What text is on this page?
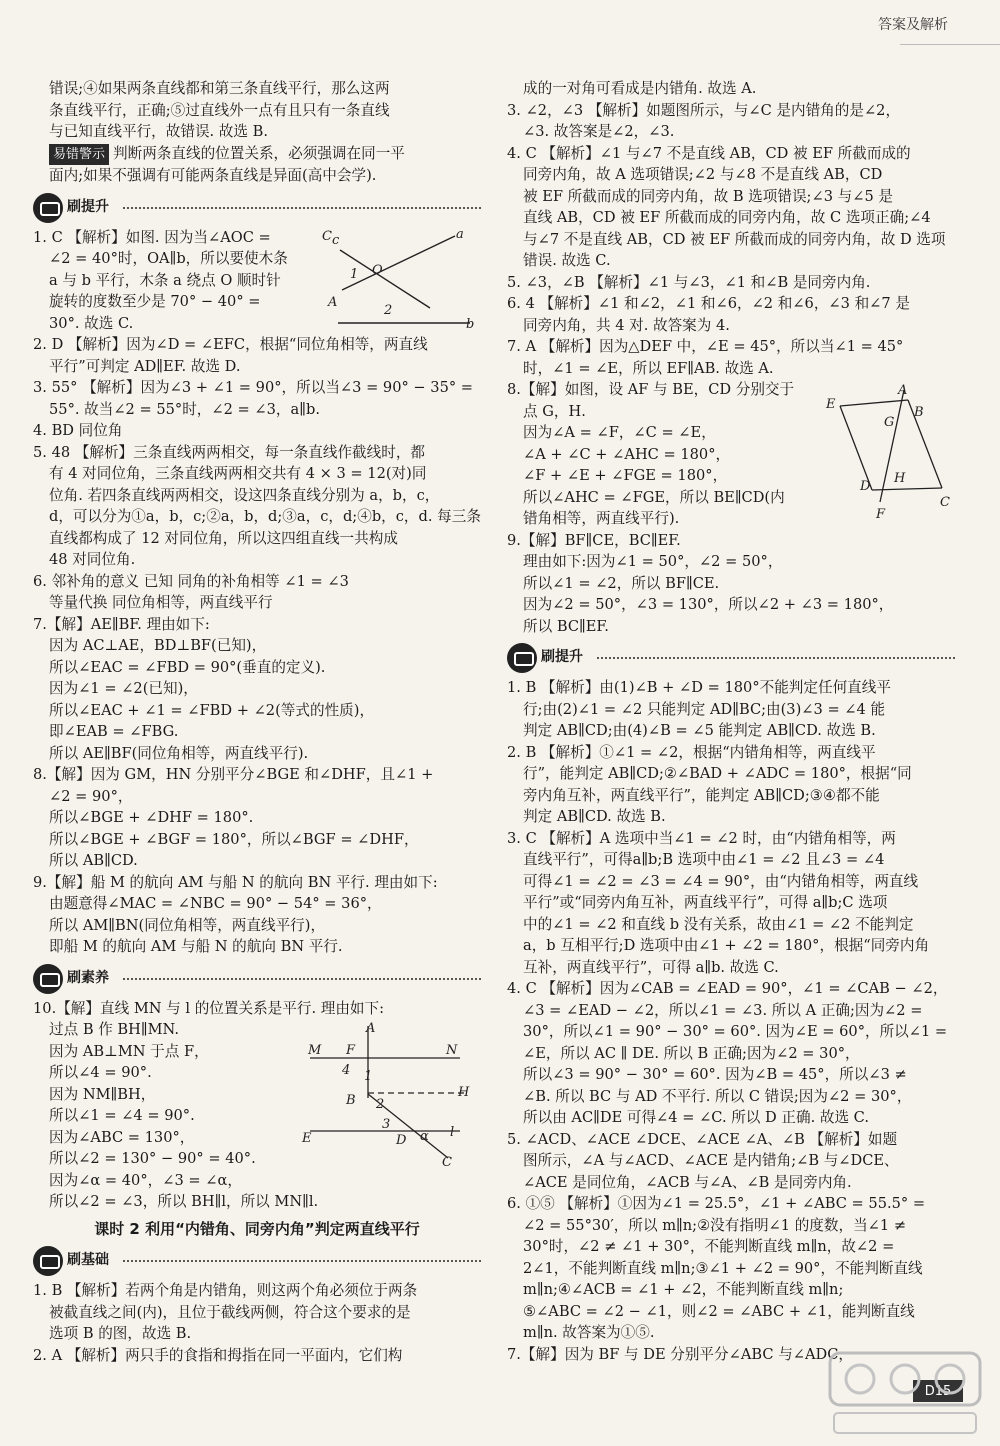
答案及解析

错误;④如果两条直线都和第三条直线平行，那么这两

条直线平行，正确;⑤过直线外一点有且只有一条直线

与已知直线平行，故错误. 故选 B.

易错警示 判断两条直线的位置关系，必须强调在同一平

面内;如果不强调有可能两条直线是异面(高中会学).

刷提升

1. C 【解析】如图. 因为当∠AOC =

∠2 = 40°时，OA∥b，所以要使木条

a 与 b 平行，木条 a 绕点 O 顺时针

旋转的度数至少是 70° − 40° =

30°. 故选 C.

2. D 【解析】因为∠D = ∠EFC，根据“同位角相等，两直线

平行”可判定 AD∥EF. 故选 D.

3. 55° 【解析】因为∠3 + ∠1 = 90°，所以当∠3 = 90° − 35° =

55°. 故当∠2 = 55°时，∠2 = ∠3，a∥b.

4. BD 同位角

5. 48 【解析】三条直线两两相交，每一条直线作截线时，都

有 4 对同位角，三条直线两两相交共有 4 × 3 = 12(对)同

位角. 若四条直线两两相交，设这四条直线分别为 a，b，c，

d，可以分为①a，b，c;②a，b，d;③a，c，d;④b，c，d. 每三条

直线都构成了 12 对同位角，所以这四组直线一共构成

48 对同位角.

6. 邻补角的意义 已知 同角的补角相等 ∠1 = ∠3

等量代换 同位角相等，两直线平行

7.【解】AE∥BF. 理由如下:

因为 AC⊥AE，BD⊥BF(已知)，

所以∠EAC = ∠FBD = 90°(垂直的定义).

因为∠1 = ∠2(已知)，

所以∠EAC + ∠1 = ∠FBD + ∠2(等式的性质)，

即∠EAB = ∠FBG.

所以 AE∥BF(同位角相等，两直线平行).

8.【解】因为 GM，HN 分别平分∠BGE 和∠DHF，且∠1 +

∠2 = 90°，

所以∠BGE + ∠DHF = 180°.

所以∠BGE + ∠BGF = 180°，所以∠BGF = ∠DHF，

所以 AB∥CD.

9.【解】船 M 的航向 AM 与船 N 的航向 BN 平行. 理由如下:

由题意得∠MAC = ∠NBC = 90° − 54° = 36°，

所以 AM∥BN(同位角相等，两直线平行)，

即船 M 的航向 AM 与船 N 的航向 BN 平行.

刷素养

10.【解】直线 MN 与 l 的位置关系是平行. 理由如下:

过点 B 作 BH∥MN.

因为 AB⊥MN 于点 F，

所以∠4 = 90°.

因为 NM∥BH，

所以∠1 = ∠4 = 90°.

因为∠ABC = 130°，

所以∠2 = 130° − 90° = 40°.

因为∠α = 40°，∠3 = ∠α，

所以∠2 = ∠3，所以 BH∥l，所以 MN∥l.

课时 2 利用“内错角、同旁内角”判定两直线平行
刷基础

1. B 【解析】若两个角是内错角，则这两个角必须位于两条

被截直线之间(内)，且位于截线两侧，符合这个要求的是

选项 B 的图，故选 B.

2. A 【解析】两只手的食指和拇指在同一平面内，它们构

C c	a
1 O
A
2
b
A
M F	N
4 1
B 2
H
3
E	D α l
C

成的一对角可看成是内错角. 故选 A.

3. ∠2，∠3 【解析】如题图所示，与∠C 是内错角的是∠2，

∠3. 故答案是∠2，∠3.

4. C 【解析】∠1 与∠7 不是直线 AB，CD 被 EF 所截而成的

同旁内角，故 A 选项错误;∠2 与∠8 不是直线 AB，CD

被 EF 所截而成的同旁内角，故 B 选项错误;∠3 与∠5 是

直线 AB，CD 被 EF 所截而成的同旁内角，故 C 选项正确;∠4

与∠7 不是直线 AB，CD 被 EF 所截而成的同旁内角，故 D 选项

错误. 故选 C.

5. ∠3，∠B 【解析】∠1 与∠3，∠1 和∠B 是同旁内角.

6. 4 【解析】∠1 和∠2，∠1 和∠6，∠2 和∠6，∠3 和∠7 是

同旁内角，共 4 对. 故答案为 4.

7. A 【解析】因为△DEF 中，∠E = 45°，所以当∠1 = 45°

时，∠1 = ∠E，所以 EF∥AB. 故选 A.

8.【解】如图，设 AF 与 BE，CD 分别交于

点 G，H.

因为∠A = ∠F，∠C = ∠E，

∠A + ∠C + ∠AHC = 180°，

∠F + ∠E + ∠FGE = 180°，

所以∠AHC = ∠FGE，所以 BE∥CD(内

错角相等，两直线平行).

9.【解】BF∥CE，BC∥EF.

理由如下:因为∠1 = 50°，∠2 = 50°，

所以∠1 = ∠2，所以 BF∥CE.

因为∠2 = 50°，∠3 = 130°，所以∠2 + ∠3 = 180°，

所以 BC∥EF.

刷提升

1. B 【解析】由(1)∠B + ∠D = 180°不能判定任何直线平

行;由(2)∠1 = ∠2 只能判定 AD∥BC;由(3)∠3 = ∠4 能

判定 AB∥CD;由(4)∠B = ∠5 能判定 AB∥CD. 故选 B.

2. B 【解析】①∠1 = ∠2，根据“内错角相等，两直线平

行”，能判定 AB∥CD;②∠BAD + ∠ADC = 180°，根据“同

旁内角互补，两直线平行”，能判定 AB∥CD;③④都不能

判定 AB∥CD. 故选 B.

3. C 【解析】A 选项中当∠1 = ∠2 时，由“内错角相等，两

直线平行”，可得a∥b;B 选项中由∠1 = ∠2 且∠3 = ∠4

可得∠1 = ∠2 = ∠3 = ∠4 = 90°，由“内错角相等，两直线

平行”或“同旁内角互补，两直线平行”，可得 a∥b;C 选项

中的∠1 = ∠2 和直线 b 没有关系，故由∠1 = ∠2 不能判定

a，b 互相平行;D 选项中由∠1 + ∠2 = 180°，根据“同旁内角

互补，两直线平行”，可得 a∥b. 故选 C.

4. C 【解析】因为∠CAB = ∠EAD = 90°，∠1 = ∠CAB − ∠2，

∠3 = ∠EAD − ∠2，所以∠1 = ∠3. 所以 A 正确;因为∠2 =

30°，所以∠1 = 90° − 30° = 60°. 因为∠E = 60°，所以∠1 =

∠E，所以 AC ∥ DE. 所以 B 正确;因为∠2 = 30°，

所以∠3 = 90° − 30° = 60°. 因为∠B = 45°，所以∠3 ≠

∠B. 所以 BC 与 AD 不平行. 所以 C 错误;因为∠2 = 30°，

所以由 AC∥DE 可得∠4 = ∠C. 所以 D 正确. 故选 C.

5. ∠ACD、∠ACE ∠DCE、∠ACE ∠A、∠B 【解析】如题

图所示，∠A 与∠ACD、∠ACE 是内错角;∠B 与∠DCE、

∠ACE 是同位角，∠ACB 与∠A、∠B 是同旁内角.

6. ①⑤ 【解析】①因为∠1 = 25.5°，∠1 + ∠ABC = 55.5° =

∠2 = 55°30′，所以 m∥n;②没有指明∠1 的度数，当∠1 ≠

30°时，∠2 ≠ ∠1 + 30°，不能判断直线 m∥n，故∠2 =

2∠1，不能判断直线 m∥n;③∠1 + ∠2 = 90°，不能判断直线

m∥n;④∠ACB = ∠1 + ∠2，不能判断直线 m∥n;

⑤∠ABC = ∠2 − ∠1，则∠2 = ∠ABC + ∠1，能判断直线

m∥n. 故答案为①⑤.

7.【解】因为 BF 与 DE 分别平分∠ABC 与∠ADC，

E
A
B
G
H
D
C
F
D15
